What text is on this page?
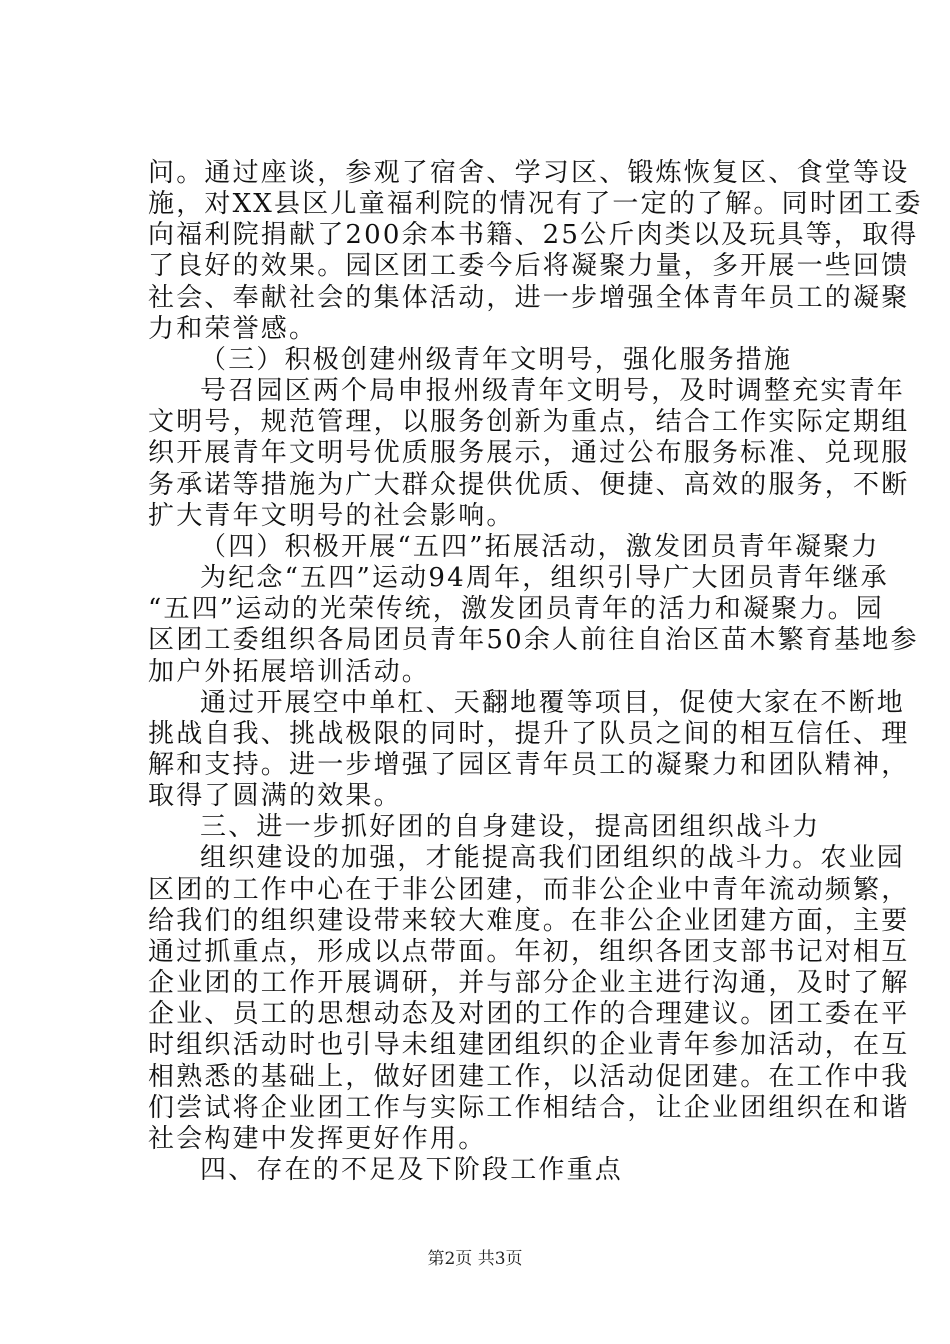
问。通过座谈，参观了宿舍、学习区、锻炼恢复区、食堂等设
施，对XX县区儿童福利院的情况有了一定的了解。同时团工委
向福利院捐献了200余本书籍、25公斤肉类以及玩具等，取得
了良好的效果。园区团工委今后将凝聚力量，多开展一些回馈
社会、奉献社会的集体活动，进一步增强全体青年员工的凝聚
力和荣誉感。
（三）积极创建州级青年文明号，强化服务措施
号召园区两个局申报州级青年文明号，及时调整充实青年
文明号，规范管理，以服务创新为重点，结合工作实际定期组
织开展青年文明号优质服务展示，通过公布服务标准、兑现服
务承诺等措施为广大群众提供优质、便捷、高效的服务，不断
扩大青年文明号的社会影响。
（四）积极开展“五四”拓展活动，激发团员青年凝聚力
为纪念“五四”运动94周年，组织引导广大团员青年继承
“五四”运动的光荣传统，激发团员青年的活力和凝聚力。园
区团工委组织各局团员青年50余人前往自治区苗木繁育基地参
加户外拓展培训活动。
通过开展空中单杠、天翻地覆等项目，促使大家在不断地
挑战自我、挑战极限的同时，提升了队员之间的相互信任、理
解和支持。进一步增强了园区青年员工的凝聚力和团队精神，
取得了圆满的效果。
三、进一步抓好团的自身建设，提高团组织战斗力
组织建设的加强，才能提高我们团组织的战斗力。农业园
区团的工作中心在于非公团建，而非公企业中青年流动频繁，
给我们的组织建设带来较大难度。在非公企业团建方面，主要
通过抓重点，形成以点带面。年初，组织各团支部书记对相互
企业团的工作开展调研，并与部分企业主进行沟通，及时了解
企业、员工的思想动态及对团的工作的合理建议。团工委在平
时组织活动时也引导未组建团组织的企业青年参加活动，在互
相熟悉的基础上，做好团建工作，以活动促团建。在工作中我
们尝试将企业团工作与实际工作相结合，让企业团组织在和谐
社会构建中发挥更好作用。
四、存在的不足及下阶段工作重点
第2页 共3页
